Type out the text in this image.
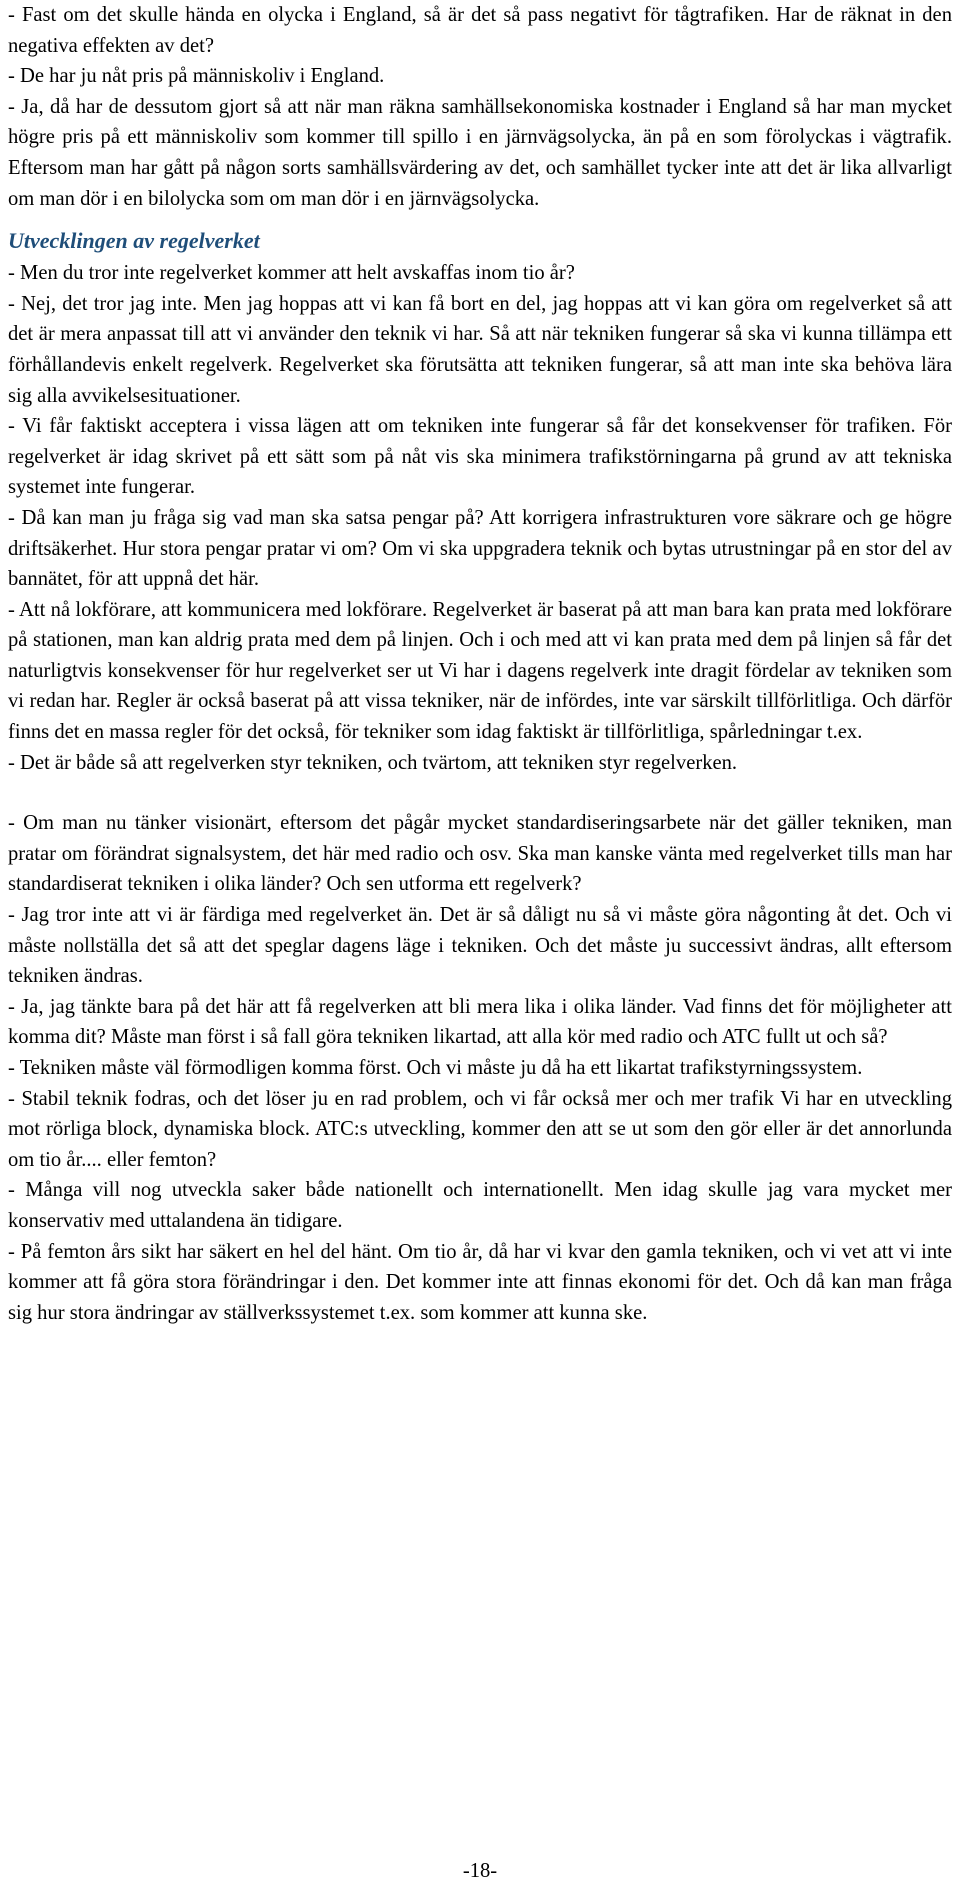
- Fast om det skulle hända en olycka i England, så är det så pass negativt för tågtrafiken. Har de räknat in den negativa effekten av det?

- De har ju nåt pris på människoliv i England.

- Ja, då har de dessutom gjort så att när man räkna samhällsekonomiska kostnader i England så har man mycket högre pris på ett människoliv som kommer till spillo i en järnvägsolycka, än på en som förolyckas i vägtrafik. Eftersom man har gått på någon sorts samhällsvärdering av det, och samhället tycker inte att det är lika allvarligt om man dör i en bilolycka som om man dör i en järnvägsolycka.

Utvecklingen av regelverket

- Men du tror inte regelverket kommer att helt avskaffas inom tio år?

- Nej, det tror jag inte. Men jag hoppas att vi kan få bort en del, jag hoppas att vi kan göra om regelverket så att det är mera anpassat till att vi använder den teknik vi har. Så att när tekniken fungerar så ska vi kunna tillämpa ett förhållandevis enkelt regelverk. Regelverket ska förutsätta att tekniken fungerar, så att man inte ska behöva lära sig alla avvikelsesituationer.

- Vi får faktiskt acceptera i vissa lägen att om tekniken inte fungerar så får det konsekvenser för trafiken. För regelverket är idag skrivet på ett sätt som på nåt vis ska minimera trafikstörningarna på grund av att tekniska systemet inte fungerar.

- Då kan man ju fråga sig vad man ska satsa pengar på? Att korrigera infrastrukturen vore säkrare och ge högre driftsäkerhet. Hur stora pengar pratar vi om? Om vi ska uppgradera teknik och bytas utrustningar på en stor del av bannätet, för att uppnå det här.

- Att nå lokförare, att kommunicera med lokförare. Regelverket är baserat på att man bara kan prata med lokförare på stationen, man kan aldrig prata med dem på linjen. Och i och med att vi kan prata med dem på linjen så får det naturligtvis konsekvenser för hur regelverket ser ut Vi har i dagens regelverk inte dragit fördelar av tekniken som vi redan har. Regler är också baserat på att vissa tekniker, när de infördes, inte var särskilt tillförlitliga. Och därför finns det en massa regler för det också, för tekniker som idag faktiskt är tillförlitliga, spårledningar t.ex.

- Det är både så att regelverken styr tekniken, och tvärtom, att tekniken styr regelverken.

- Om man nu tänker visionärt, eftersom det pågår mycket standardiseringsarbete när det gäller tekniken, man pratar om förändrat signalsystem, det här med radio och osv. Ska man kanske vänta med regelverket tills man har standardiserat tekniken i olika länder? Och sen utforma ett regelverk?

- Jag tror inte att vi är färdiga med regelverket än. Det är så dåligt nu så vi måste göra någonting åt det. Och vi måste nollställa det så att det speglar dagens läge i tekniken. Och det måste ju successivt ändras, allt eftersom tekniken ändras.

- Ja, jag tänkte bara på det här att få regelverken att bli mera lika i olika länder. Vad finns det för möjligheter att komma dit? Måste man först i så fall göra tekniken likartad, att alla kör med radio och ATC fullt ut och så?

- Tekniken måste väl förmodligen komma först. Och vi måste ju då ha ett likartat trafikstyrningssystem.

- Stabil teknik fodras, och det löser ju en rad problem, och vi får också mer och mer trafik Vi har en utveckling mot rörliga block, dynamiska block. ATC:s utveckling, kommer den att se ut som den gör eller är det annorlunda om tio år.... eller femton?

- Många vill nog utveckla saker både nationellt och internationellt. Men idag skulle jag vara mycket mer konservativ med uttalandena än tidigare.

- På femton års sikt har säkert en hel del hänt. Om tio år, då har vi kvar den gamla tekniken, och vi vet att vi inte kommer att få göra stora förändringar i den. Det kommer inte att finnas ekonomi för det. Och då kan man fråga sig hur stora ändringar av ställverkssystemet t.ex. som kommer att kunna ske.

-18-
